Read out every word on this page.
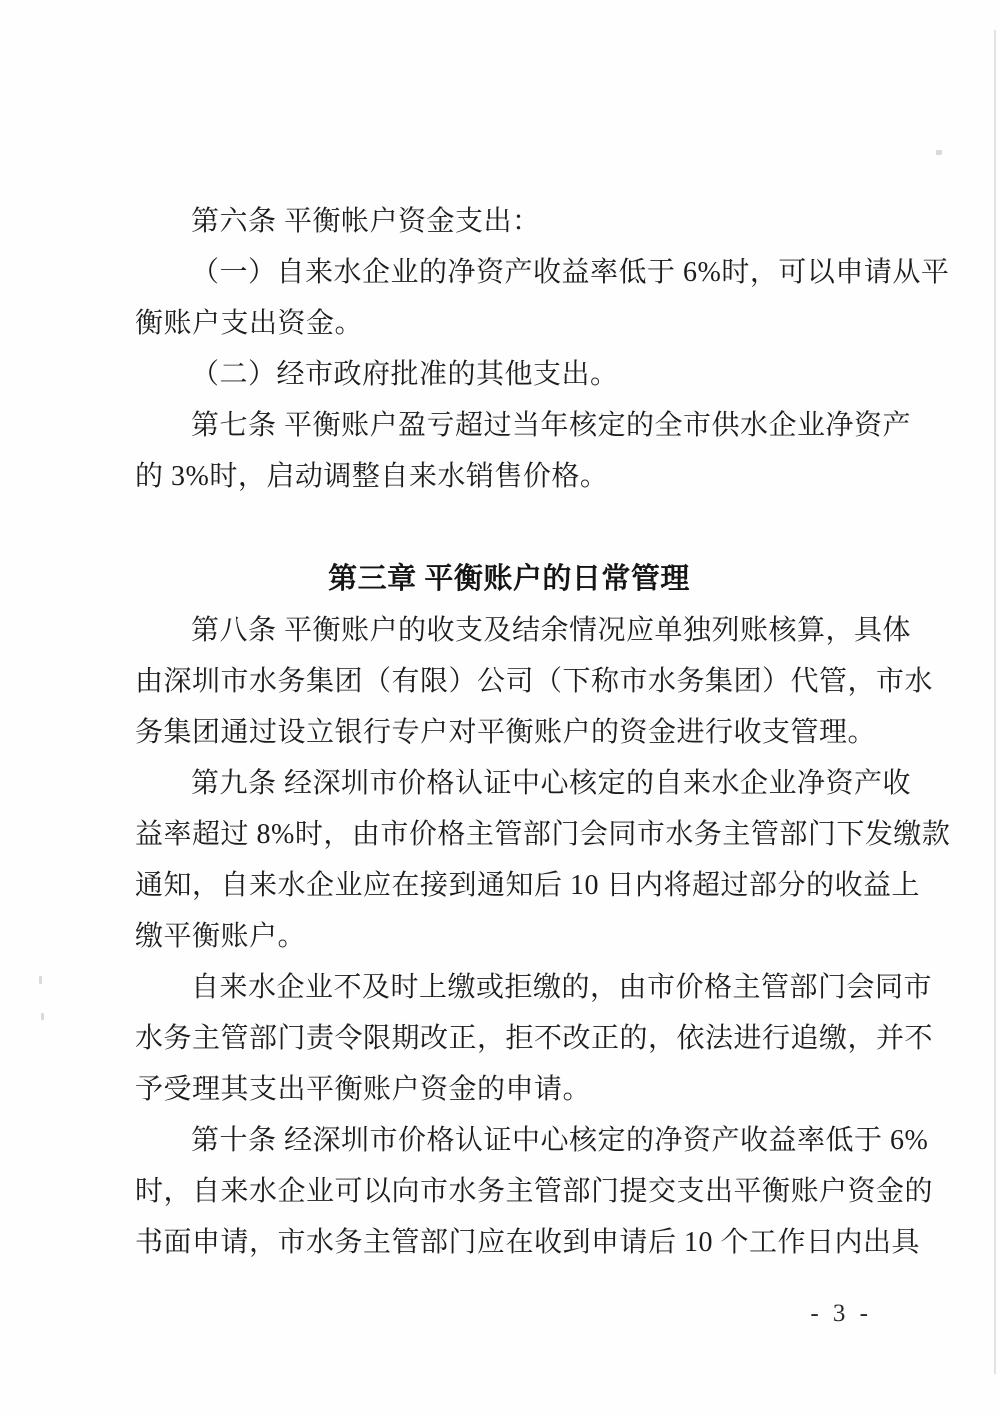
第六条 平衡帐户资金支出：
（一）自来水企业的净资产收益率低于 6%时，可以申请从平
衡账户支出资金。
（二）经市政府批准的其他支出。
第七条 平衡账户盈亏超过当年核定的全市供水企业净资产
的 3%时，启动调整自来水销售价格。
第三章 平衡账户的日常管理
第八条 平衡账户的收支及结余情况应单独列账核算，具体
由深圳市水务集团（有限）公司（下称市水务集团）代管，市水
务集团通过设立银行专户对平衡账户的资金进行收支管理。
第九条 经深圳市价格认证中心核定的自来水企业净资产收
益率超过 8%时，由市价格主管部门会同市水务主管部门下发缴款
通知，自来水企业应在接到通知后 10 日内将超过部分的收益上
缴平衡账户。
自来水企业不及时上缴或拒缴的，由市价格主管部门会同市
水务主管部门责令限期改正，拒不改正的，依法进行追缴，并不
予受理其支出平衡账户资金的申请。
第十条 经深圳市价格认证中心核定的净资产收益率低于 6%
时，自来水企业可以向市水务主管部门提交支出平衡账户资金的
书面申请，市水务主管部门应在收到申请后 10 个工作日内出具
- 3 -
